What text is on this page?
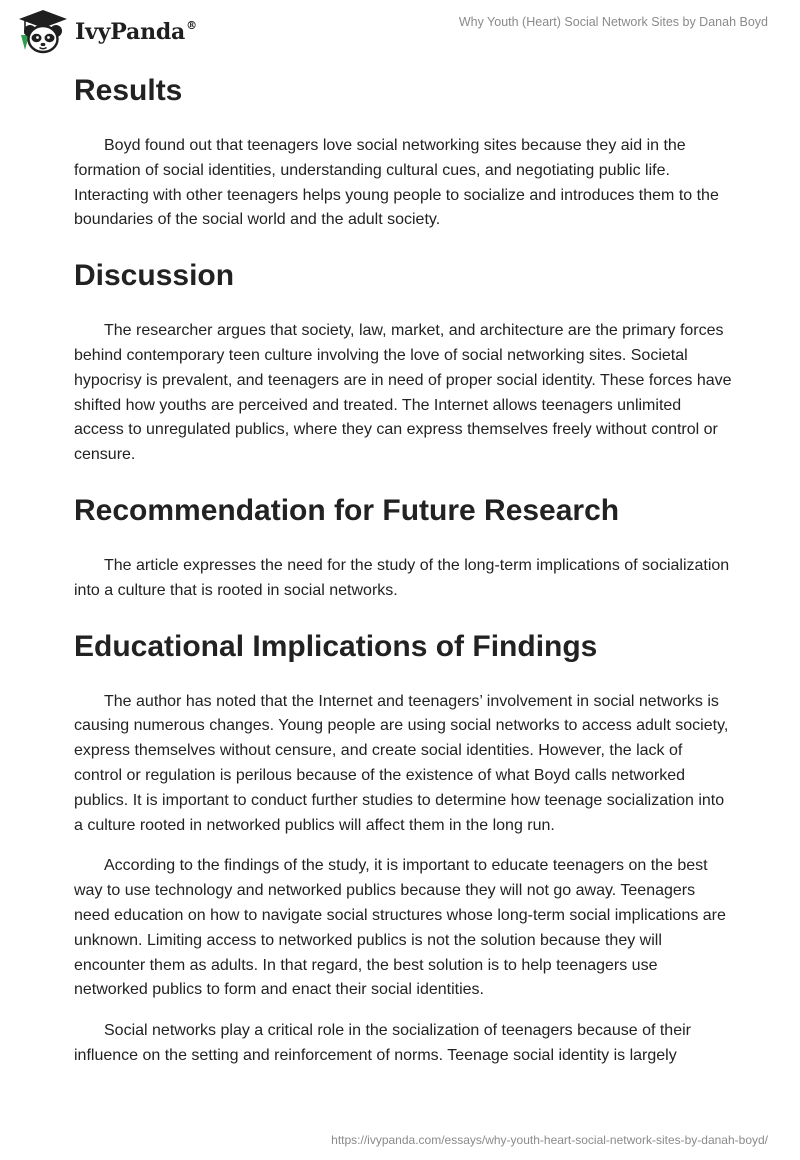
IvyPanda®	Why Youth (Heart) Social Network Sites by Danah Boyd
Results

Boyd found out that teenagers love social networking sites because they aid in the formation of social identities, understanding cultural cues, and negotiating public life. Interacting with other teenagers helps young people to socialize and introduces them to the boundaries of the social world and the adult society.

Discussion

The researcher argues that society, law, market, and architecture are the primary forces behind contemporary teen culture involving the love of social networking sites. Societal hypocrisy is prevalent, and teenagers are in need of proper social identity. These forces have shifted how youths are perceived and treated. The Internet allows teenagers unlimited access to unregulated publics, where they can express themselves freely without control or censure.

Recommendation for Future Research

The article expresses the need for the study of the long-term implications of socialization into a culture that is rooted in social networks.

Educational Implications of Findings

The author has noted that the Internet and teenagers’ involvement in social networks is causing numerous changes. Young people are using social networks to access adult society, express themselves without censure, and create social identities. However, the lack of control or regulation is perilous because of the existence of what Boyd calls networked publics. It is important to conduct further studies to determine how teenage socialization into a culture rooted in networked publics will affect them in the long run.

According to the findings of the study, it is important to educate teenagers on the best way to use technology and networked publics because they will not go away. Teenagers need education on how to navigate social structures whose long-term social implications are unknown. Limiting access to networked publics is not the solution because they will encounter them as adults. In that regard, the best solution is to help teenagers use networked publics to form and enact their social identities.

Social networks play a critical role in the socialization of teenagers because of their influence on the setting and reinforcement of norms. Teenage social identity is largely

https://ivypanda.com/essays/why-youth-heart-social-network-sites-by-danah-boyd/
